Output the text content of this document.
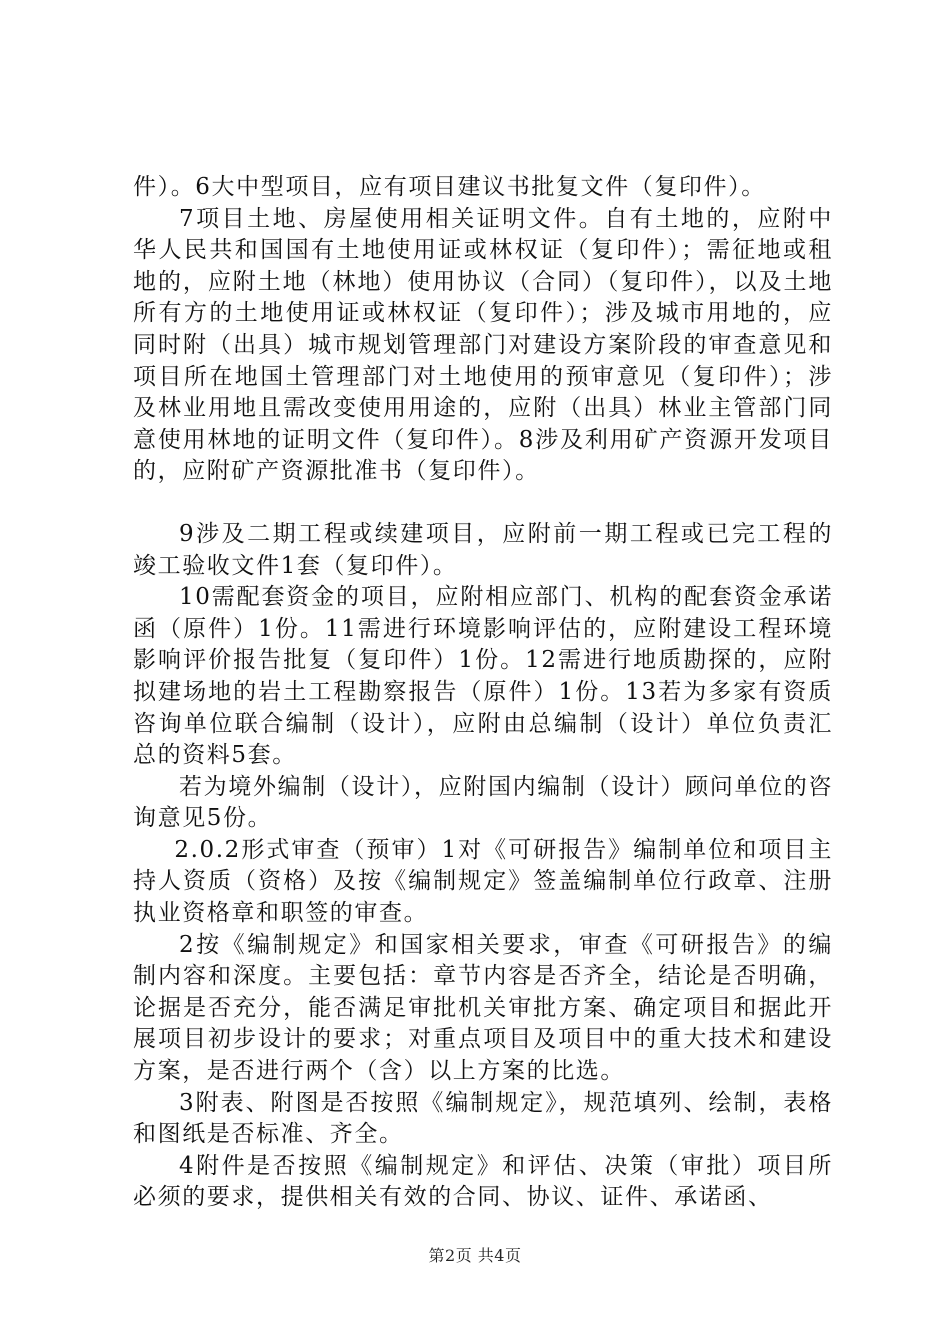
件）。6大中型项目，应有项目建议书批复文件（复印件）。

7项目土地、房屋使用相关证明文件。自有土地的，应附中华人民共和国国有土地使用证或林权证（复印件）；需征地或租地的，应附土地（林地）使用协议（合同）（复印件），以及土地所有方的土地使用证或林权证（复印件）；涉及城市用地的，应同时附（出具）城市规划管理部门对建设方案阶段的审查意见和项目所在地国土管理部门对土地使用的预审意见（复印件）；涉及林业用地且需改变使用用途的，应附（出具）林业主管部门同意使用林地的证明文件（复印件）。8涉及利用矿产资源开发项目的，应附矿产资源批准书（复印件）。

9涉及二期工程或续建项目，应附前一期工程或已完工程的竣工验收文件1套（复印件）。

10需配套资金的项目，应附相应部门、机构的配套资金承诺函（原件）1份。11需进行环境影响评估的，应附建设工程环境影响评价报告批复（复印件）1份。12需进行地质勘探的，应附拟建场地的岩土工程勘察报告（原件）1份。13若为多家有资质咨询单位联合编制（设计），应附由总编制（设计）单位负责汇总的资料5套。

若为境外编制（设计），应附国内编制（设计）顾问单位的咨询意见5份。

2.0.2形式审查（预审）1对《可研报告》编制单位和项目主持人资质（资格）及按《编制规定》签盖编制单位行政章、注册执业资格章和职签的审查。

2按《编制规定》和国家相关要求，审查《可研报告》的编制内容和深度。主要包括：章节内容是否齐全，结论是否明确，论据是否充分，能否满足审批机关审批方案、确定项目和据此开展项目初步设计的要求；对重点项目及项目中的重大技术和建设方案，是否进行两个（含）以上方案的比选。

3附表、附图是否按照《编制规定》，规范填列、绘制，表格和图纸是否标准、齐全。

4附件是否按照《编制规定》和评估、决策（审批）项目所必须的要求，提供相关有效的合同、协议、证件、承诺函、

第2页 共4页
